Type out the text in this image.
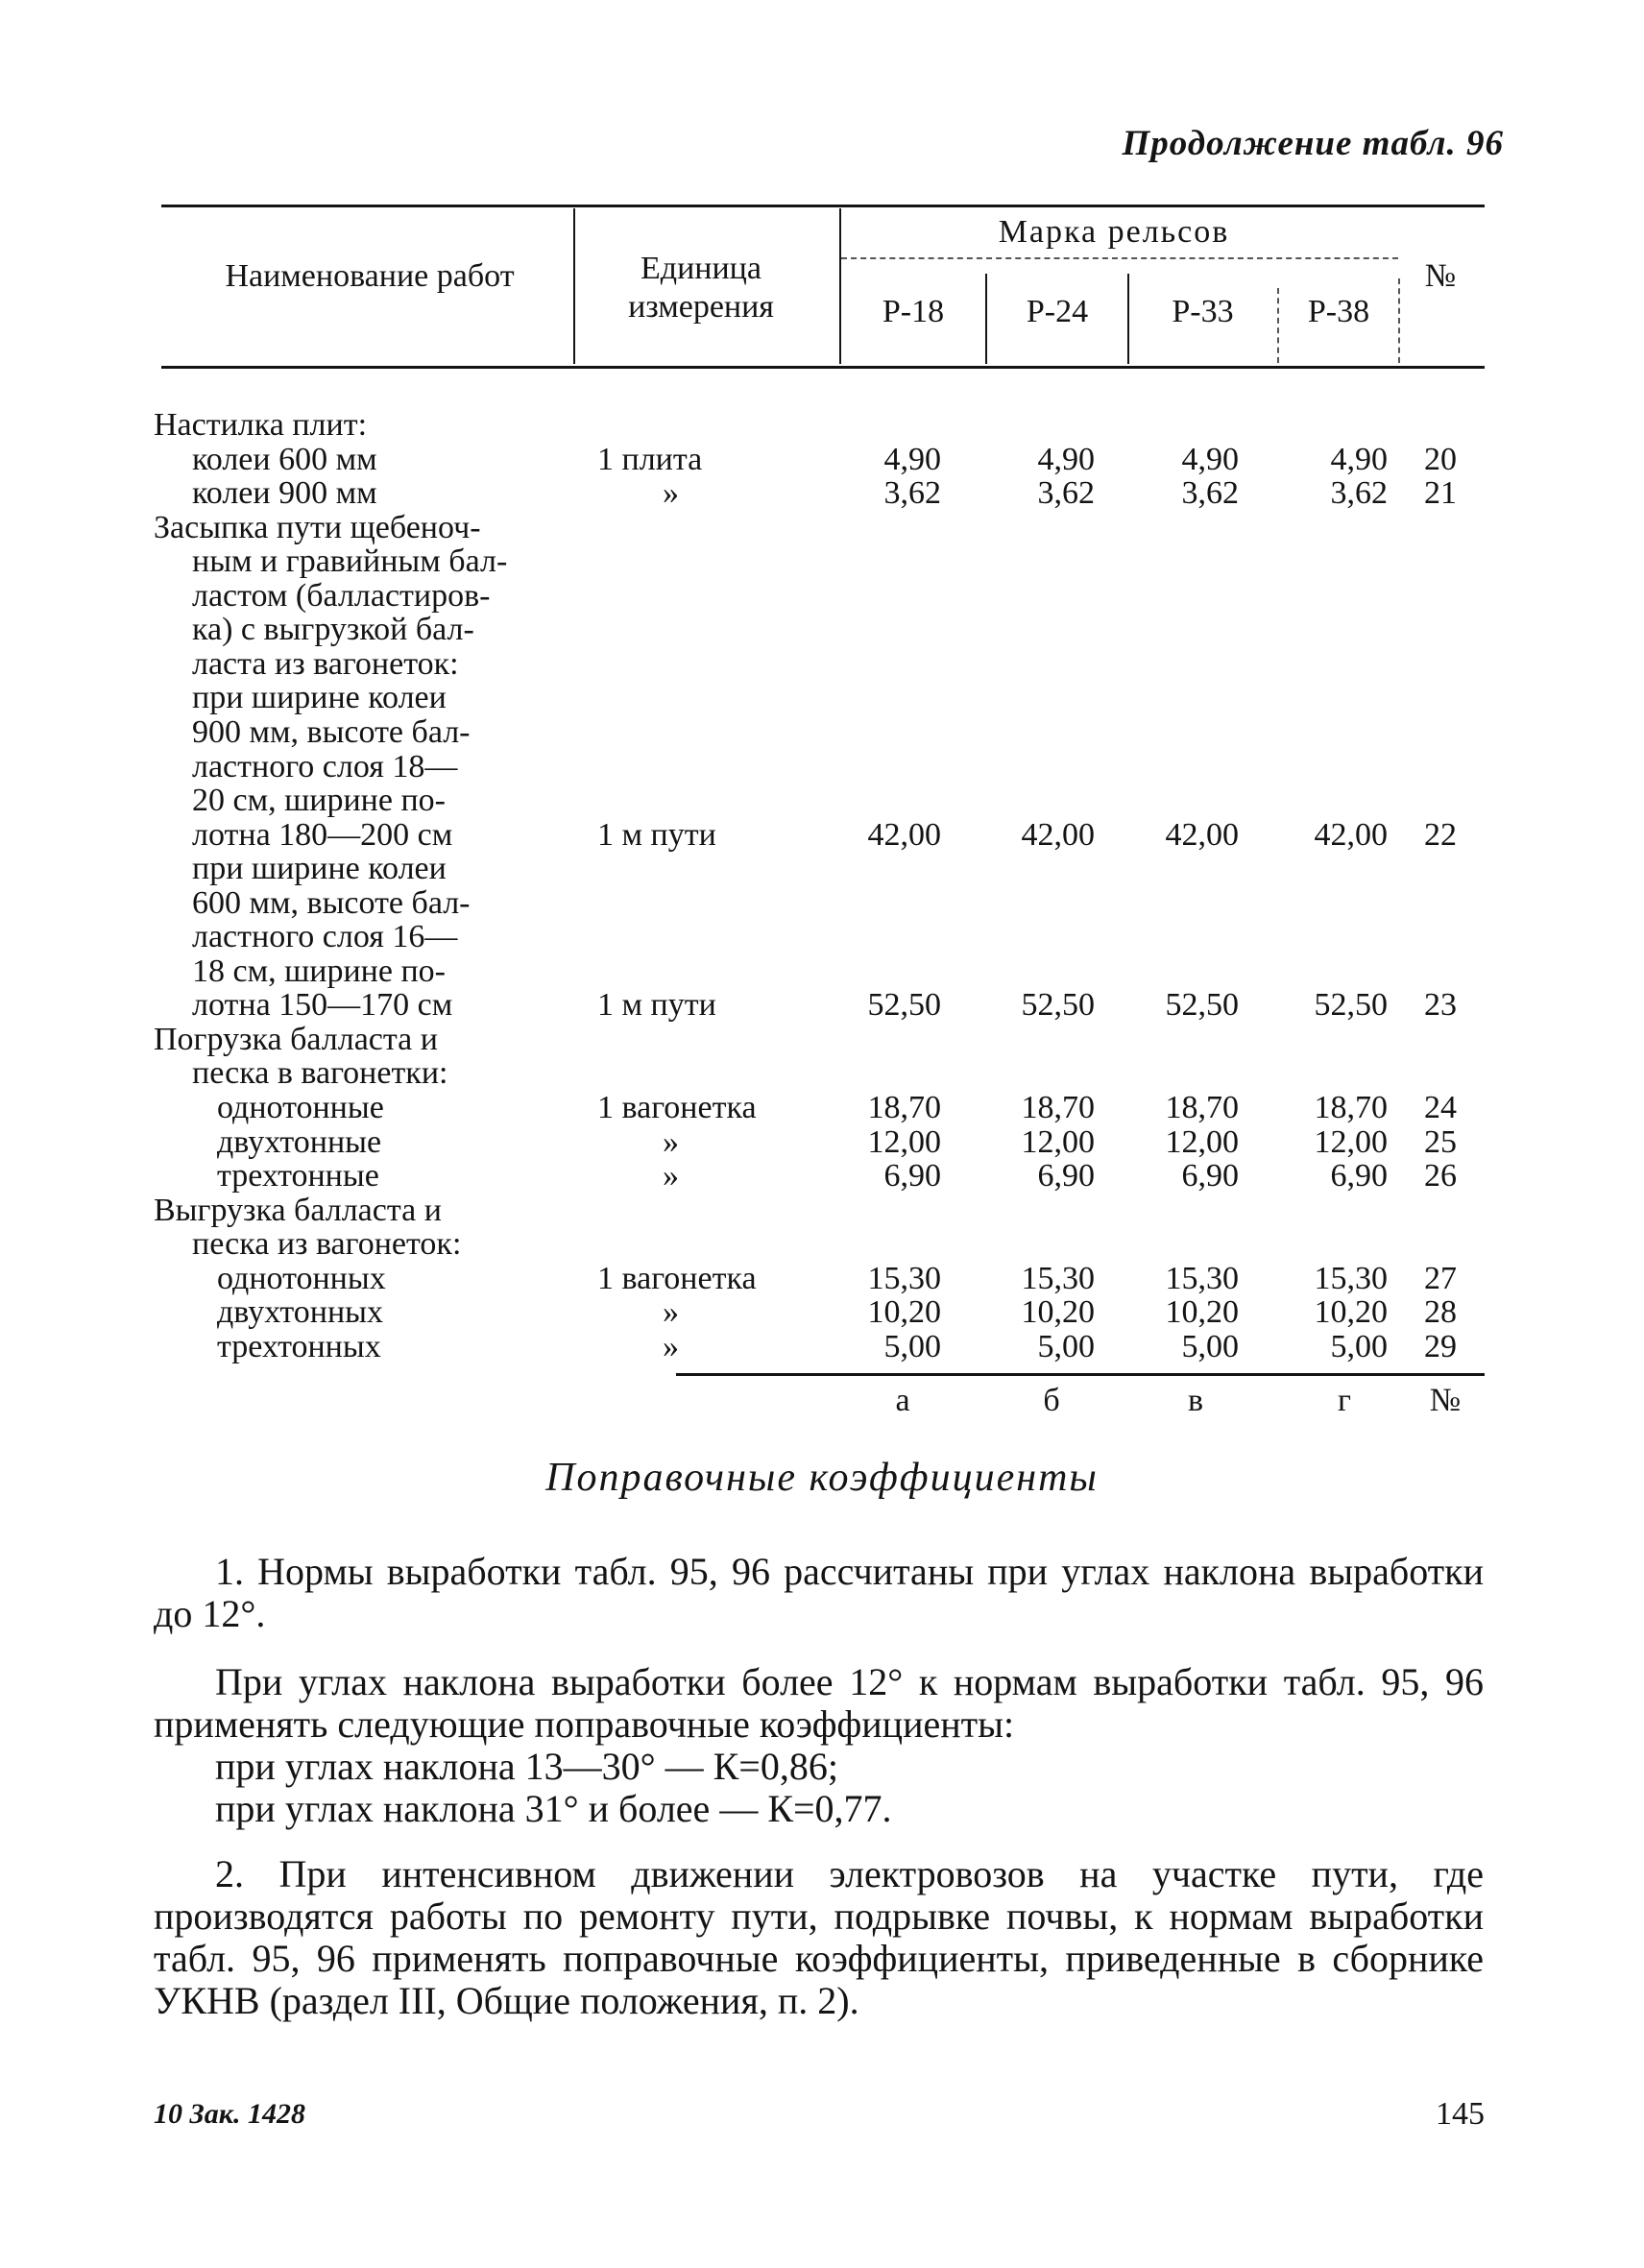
Продолжение табл. 96
Наименование работ	Единица измерения
Марка рельсов
Р-18	Р-24	Р-33	Р-38
№
Настилка плит:
колеи 600 мм	1 плита	4,90	4,90	4,90	4,90	20
колеи 900 мм	»	3,62	3,62	3,62	3,62	21
Засыпка пути щебеноч-
ным и гравийным бал-
ластом (балластиров-
ка) с выгрузкой бал-
ласта из вагонеток:
при ширине колеи
900 мм, высоте бал-
ластного слоя 18—
20 см, ширине по-
лотна 180—200 см	1 м пути	42,00	42,00	42,00	42,00	22
при ширине колеи
600 мм, высоте бал-
ластного слоя 16—
18 см, ширине по-
лотна 150—170 см	1 м пути	52,50	52,50	52,50	52,50	23
Погрузка балласта и
песка в вагонетки:
однотонные	1 вагонетка	18,70	18,70	18,70	18,70	24
двухтонные	»	12,00	12,00	12,00	12,00	25
трехтонные	»	6,90	6,90	6,90	6,90	26
Выгрузка балласта и
песка из вагонеток:
однотонных	1 вагонетка	15,30	15,30	15,30	15,30	27
двухтонных	»	10,20	10,20	10,20	10,20	28
трехтонных	»	5,00	5,00	5,00	5,00	29
а	б	в	г	№
Поправочные коэффициенты

1. Нормы выработки табл. 95, 96 рассчитаны при углах наклона выработки до 12°.

При углах наклона выработки более 12° к нормам выработки табл. 95, 96 применять следующие поправочные коэффициенты:

при углах наклона 13—30° — К=0,86;
при углах наклона 31° и более — К=0,77.

2. При интенсивном движении электровозов на участке пути, где производятся работы по ремонту пути, подрывке почвы, к нормам выработки табл. 95, 96 применять поправочные коэффициенты, приведенные в сборнике УКНВ (раздел III, Общие положения, п. 2).

10 Зак. 1428	145
